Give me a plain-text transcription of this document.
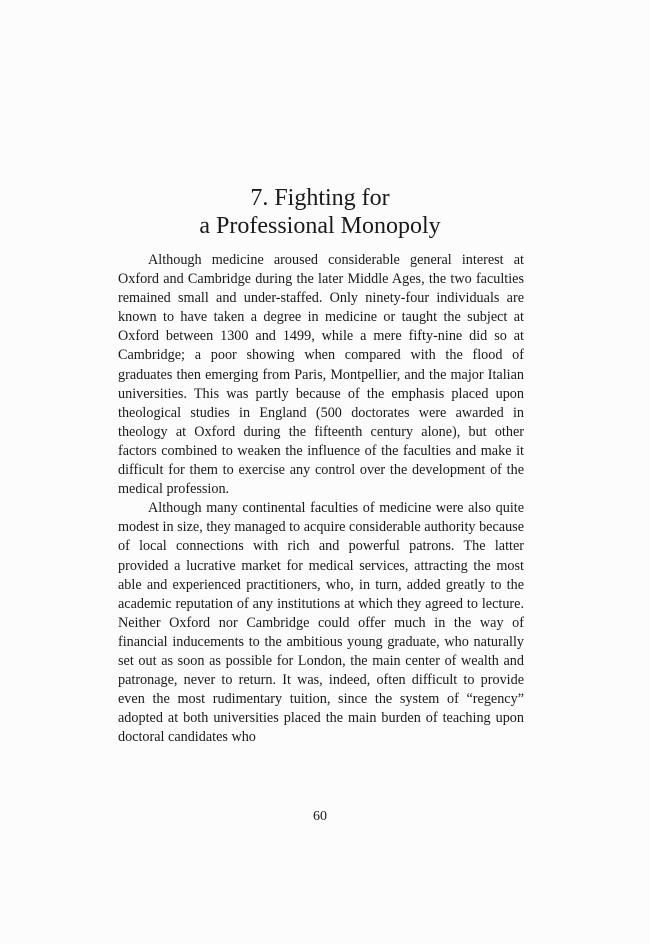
7. Fighting for
a Professional Monopoly

Although medicine aroused considerable general interest at Oxford and Cambridge during the later Middle Ages, the two faculties remained small and under-staffed. Only ninety-four individuals are known to have taken a degree in medicine or taught the subject at Oxford between 1300 and 1499, while a mere fifty-nine did so at Cambridge; a poor showing when compared with the flood of graduates then emerging from Paris, Montpellier, and the major Italian universities. This was partly because of the emphasis placed upon theological studies in England (500 doctorates were awarded in theology at Oxford during the fifteenth century alone), but other factors combined to weaken the influence of the faculties and make it difficult for them to exercise any control over the development of the medical profession.

Although many continental faculties of medicine were also quite modest in size, they managed to acquire considerable authority because of local connections with rich and powerful patrons. The latter provided a lucrative market for medical services, attracting the most able and experienced practitioners, who, in turn, added greatly to the academic reputation of any institutions at which they agreed to lecture. Neither Oxford nor Cambridge could offer much in the way of financial inducements to the ambitious young graduate, who naturally set out as soon as possible for London, the main center of wealth and patronage, never to return. It was, indeed, often difficult to provide even the most rudimentary tuition, since the system of “regency” adopted at both universities placed the main burden of teaching upon doctoral candidates who

60
